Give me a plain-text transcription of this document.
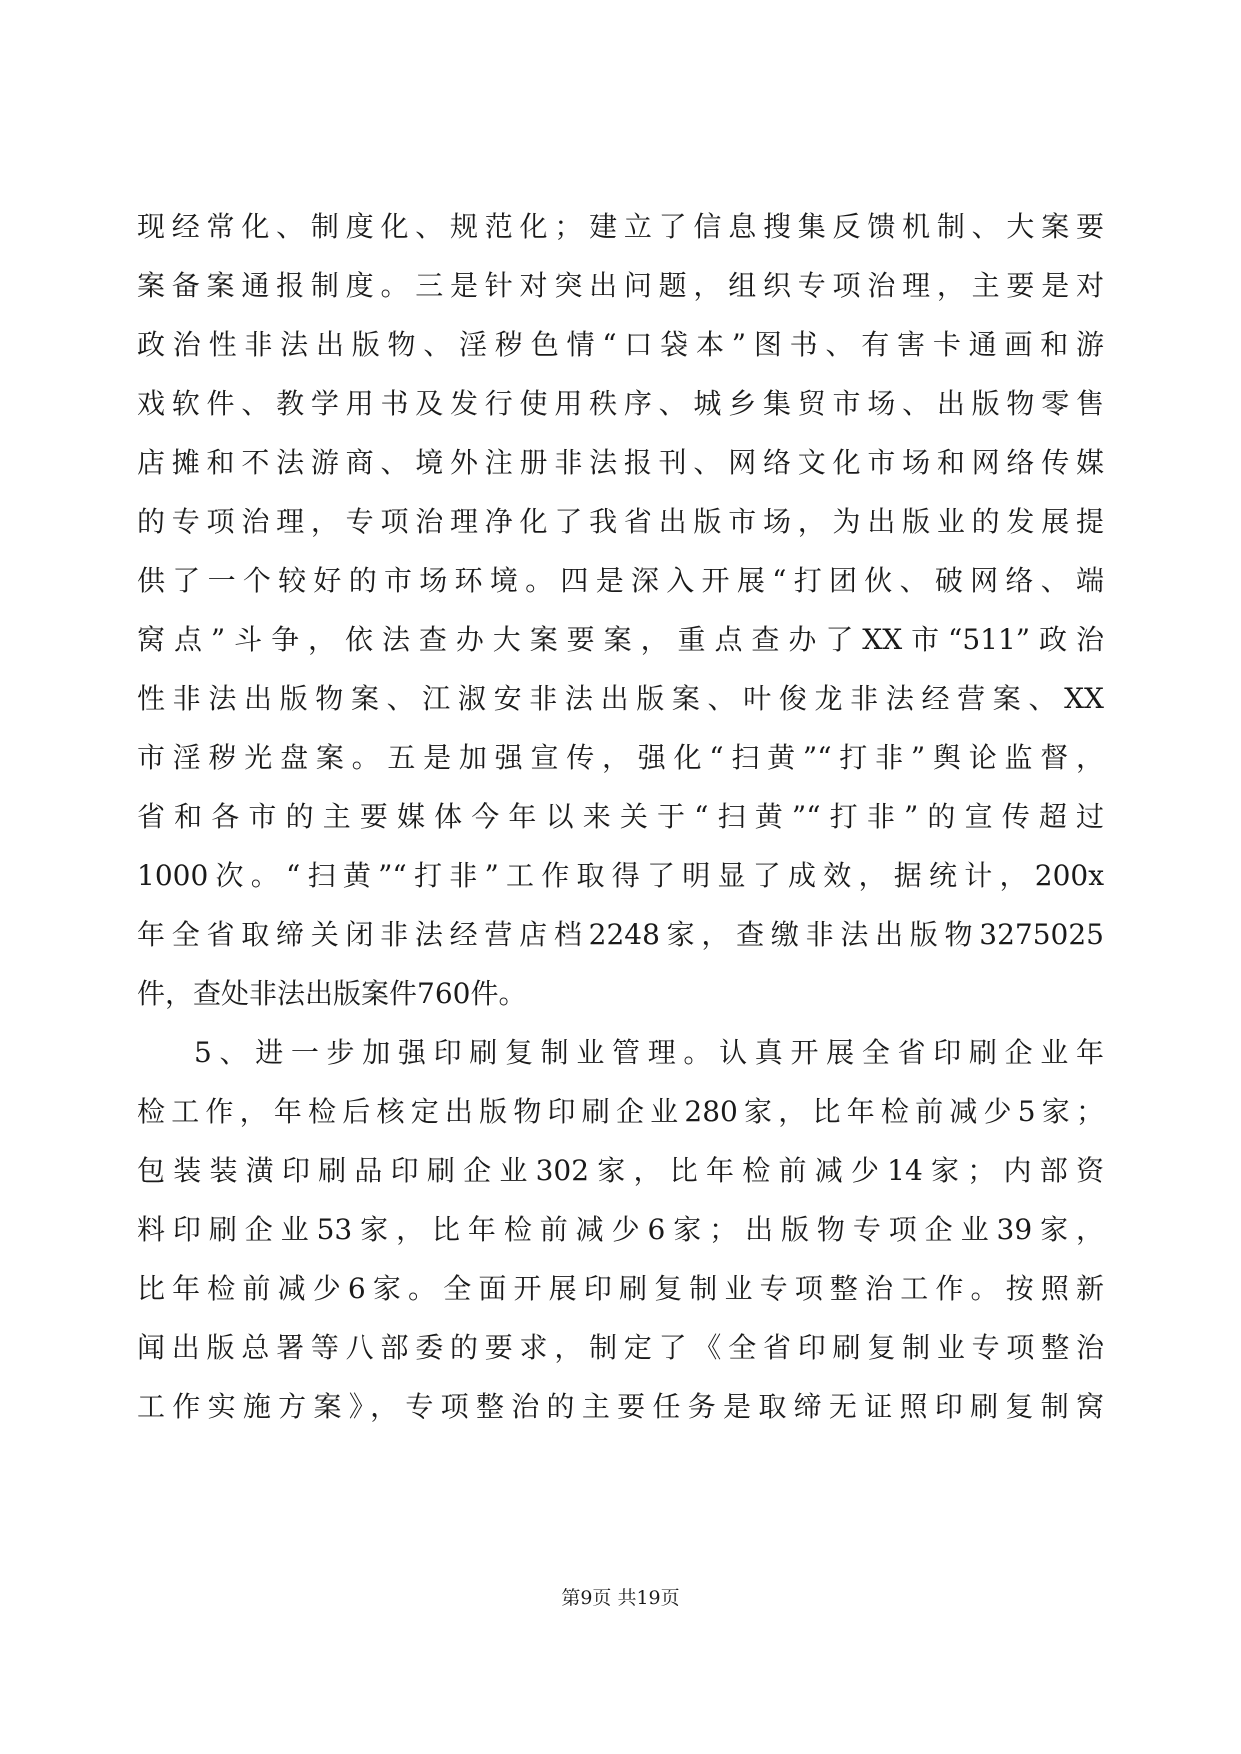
现经常化、制度化、规范化；建立了信息搜集反馈机制、大案要
案备案通报制度。三是针对突出问题，组织专项治理，主要是对
政治性非法出版物、淫秽色情“口袋本”图书、有害卡通画和游
戏软件、教学用书及发行使用秩序、城乡集贸市场、出版物零售
店摊和不法游商、境外注册非法报刊、网络文化市场和网络传媒
的专项治理，专项治理净化了我省出版市场，为出版业的发展提
供了一个较好的市场环境。四是深入开展“打团伙、破网络、端
窝点”斗争，依法查办大案要案，重点查办了XX市“511”政治
性非法出版物案、江淑安非法出版案、叶俊龙非法经营案、XX
市淫秽光盘案。五是加强宣传，强化“扫黄”“打非”舆论监督，
省和各市的主要媒体今年以来关于“扫黄”“打非”的宣传超过
1000次。“扫黄”“打非”工作取得了明显了成效，据统计，200x
年全省取缔关闭非法经营店档2248家，查缴非法出版物3275025
件，查处非法出版案件760件。
5、进一步加强印刷复制业管理。认真开展全省印刷企业年
检工作，年检后核定出版物印刷企业280家，比年检前减少5家；
包装装潢印刷品印刷企业302家，比年检前减少14家；内部资
料印刷企业53家，比年检前减少6家；出版物专项企业39家，
比年检前减少6家。全面开展印刷复制业专项整治工作。按照新
闻出版总署等八部委的要求，制定了《全省印刷复制业专项整治
工作实施方案》，专项整治的主要任务是取缔无证照印刷复制窝
第9页 共19页
